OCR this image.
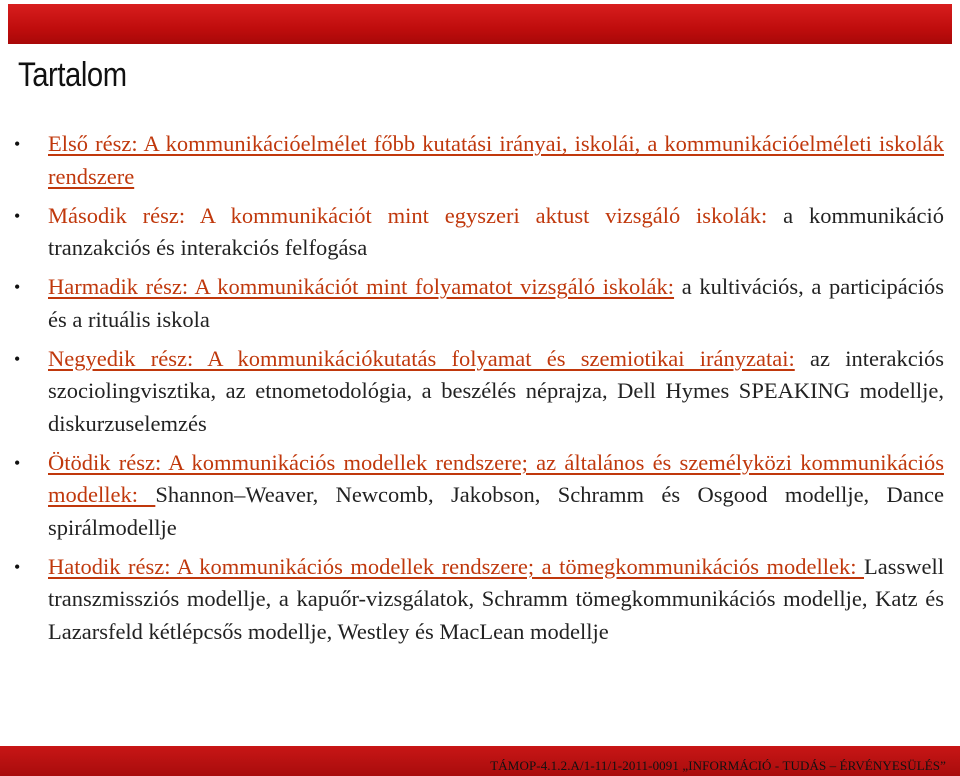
Tartalom
• Első rész: A kommunikációelmélet főbb kutatási irányai, iskolái, a kommunikációelméleti iskolák rendszere
• Második rész: A kommunikációt mint egyszeri aktust vizsgáló iskolák: a kommunikáció tranzakciós és interakciós felfogása
• Harmadik rész: A kommunikációt mint folyamatot vizsgáló iskolák: a kultivációs, a participációs és a rituális iskola
• Negyedik rész: A kommunikációkutatás folyamat és szemiotikai irányzatai: az interakciós szociolingvisztika, az etnometodológia, a beszélés néprajza, Dell Hymes SPEAKING modellje, diskurzuselemzés
• Ötödik rész: A kommunikációs modellek rendszere; az általános és személyközi kommunikációs modellek: Shannon–Weaver, Newcomb, Jakobson, Schramm és Osgood modellje, Dance spirálmodellje
• Hatodik rész: A kommunikációs modellek rendszere; a tömegkommunikációs modellek: Lasswell transzmissziós modellje, a kapuőr-vizsgálatok, Schramm tömegkommunikációs modellje, Katz és Lazarsfeld kétlépcsős modellje, Westley és MacLean modellje
TÁMOP-4.1.2.A/1-11/1-2011-0091 „INFORMÁCIÓ - TUDÁS – ÉRVÉNYESÜLÉS”
